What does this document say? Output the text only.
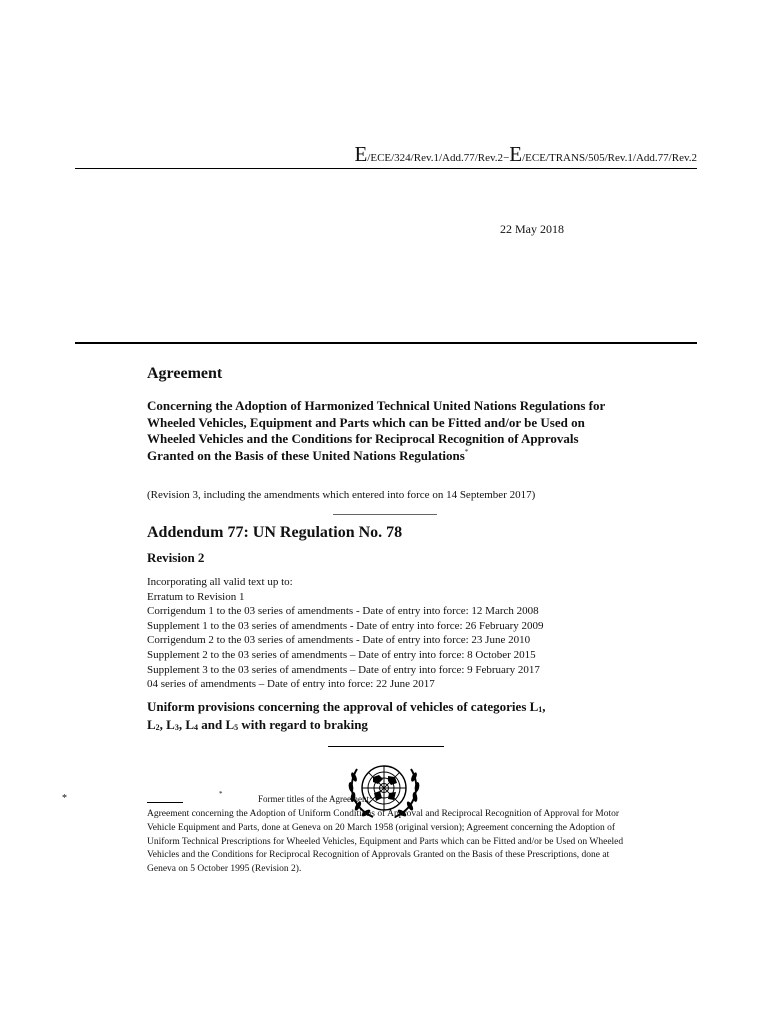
E/ECE/324/Rev.1/Add.77/Rev.2−E/ECE/TRANS/505/Rev.1/Add.77/Rev.2
22 May 2018
Agreement
Concerning the Adoption of Harmonized Technical United Nations Regulations for Wheeled Vehicles, Equipment and Parts which can be Fitted and/or be Used on Wheeled Vehicles and the Conditions for Reciprocal Recognition of Approvals Granted on the Basis of these United Nations Regulations*
(Revision 3, including the amendments which entered into force on 14 September 2017)
Addendum 77: UN Regulation No. 78
Revision 2
Incorporating all valid text up to:
Erratum to Revision 1
Corrigendum 1 to the 03 series of amendments - Date of entry into force: 12 March 2008
Supplement 1 to the 03 series of amendments - Date of entry into force: 26 February 2009
Corrigendum 2 to the 03 series of amendments - Date of entry into force: 23 June 2010
Supplement 2 to the 03 series of amendments – Date of entry into force: 8 October 2015
Supplement 3 to the 03 series of amendments – Date of entry into force: 9 February 2017
04 series of amendments – Date of entry into force: 22 June 2017
Uniform provisions concerning the approval of vehicles of categories $L_1$,
$L_2$, $L_3$, $L_4$ and $L_5$ with regard to braking
*	*	Former titles of the Agreement:
Agreement concerning the Adoption of Uniform Conditions of Approval and Reciprocal Recognition of Approval for Motor Vehicle Equipment and Parts, done at Geneva on 20 March 1958 (original version); Agreement concerning the Adoption of Uniform Technical Prescriptions for Wheeled Vehicles, Equipment and Parts which can be Fitted and/or be Used on Wheeled Vehicles and the Conditions for Reciprocal Recognition of Approvals Granted on the Basis of these Prescriptions, done at Geneva on 5 October 1995 (Revision 2).
